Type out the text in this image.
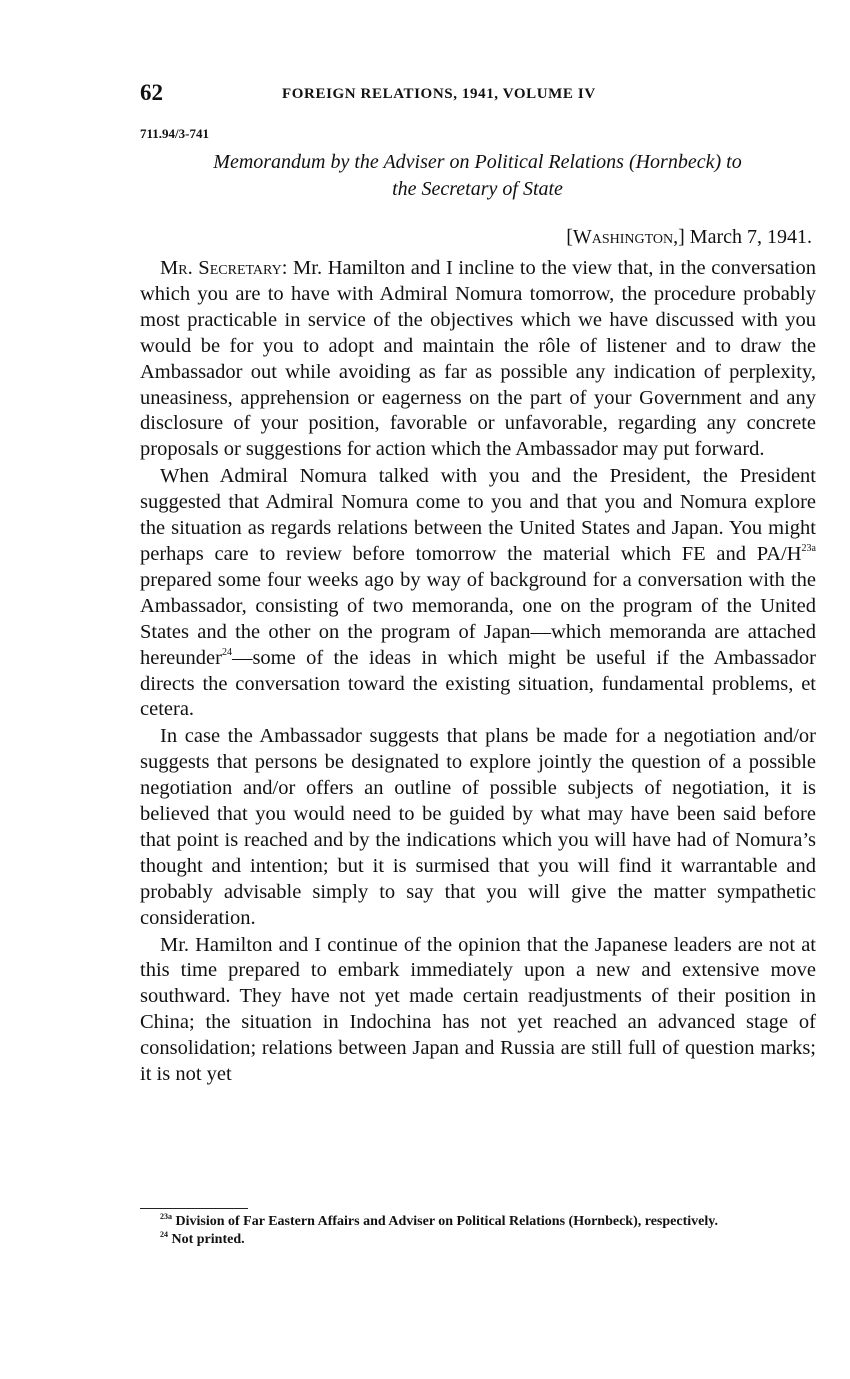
62	FOREIGN RELATIONS, 1941, VOLUME IV
711.94/3-741
Memorandum by the Adviser on Political Relations (Hornbeck) to
the Secretary of State
[Washington,] March 7, 1941.

Mr. Secretary: Mr. Hamilton and I incline to the view that, in the conversation which you are to have with Admiral Nomura tomorrow, the procedure probably most practicable in service of the objectives which we have discussed with you would be for you to adopt and maintain the rôle of listener and to draw the Ambassador out while avoiding as far as possible any indication of perplexity, uneasiness, apprehension or eagerness on the part of your Government and any disclosure of your position, favorable or unfavorable, regarding any concrete proposals or suggestions for action which the Ambassador may put forward.

When Admiral Nomura talked with you and the President, the President suggested that Admiral Nomura come to you and that you and Nomura explore the situation as regards relations between the United States and Japan. You might perhaps care to review before tomorrow the material which FE and $PA/H^{23a}$ prepared some four weeks ago by way of background for a conversation with the Ambassador, consisting of two memoranda, one on the program of the United States and the other on the program of Japan—which memoranda are attached hereunder$^{24}$—some of the ideas in which might be useful if the Ambassador directs the conversation toward the existing situation, fundamental problems, et cetera.

In case the Ambassador suggests that plans be made for a negotiation and/or suggests that persons be designated to explore jointly the question of a possible negotiation and/or offers an outline of possible subjects of negotiation, it is believed that you would need to be guided by what may have been said before that point is reached and by the indications which you will have had of Nomura’s thought and intention; but it is surmised that you will find it warrantable and probably advisable simply to say that you will give the matter sympathetic consideration.

Mr. Hamilton and I continue of the opinion that the Japanese leaders are not at this time prepared to embark immediately upon a new and extensive move southward. They have not yet made certain readjustments of their position in China; the situation in Indochina has not yet reached an advanced stage of consolidation; relations between Japan and Russia are still full of question marks; it is not yet

$^{23a}$ Division of Far Eastern Affairs and Adviser on Political Relations (Hornbeck), respectively.

$^{24}$ Not printed.
